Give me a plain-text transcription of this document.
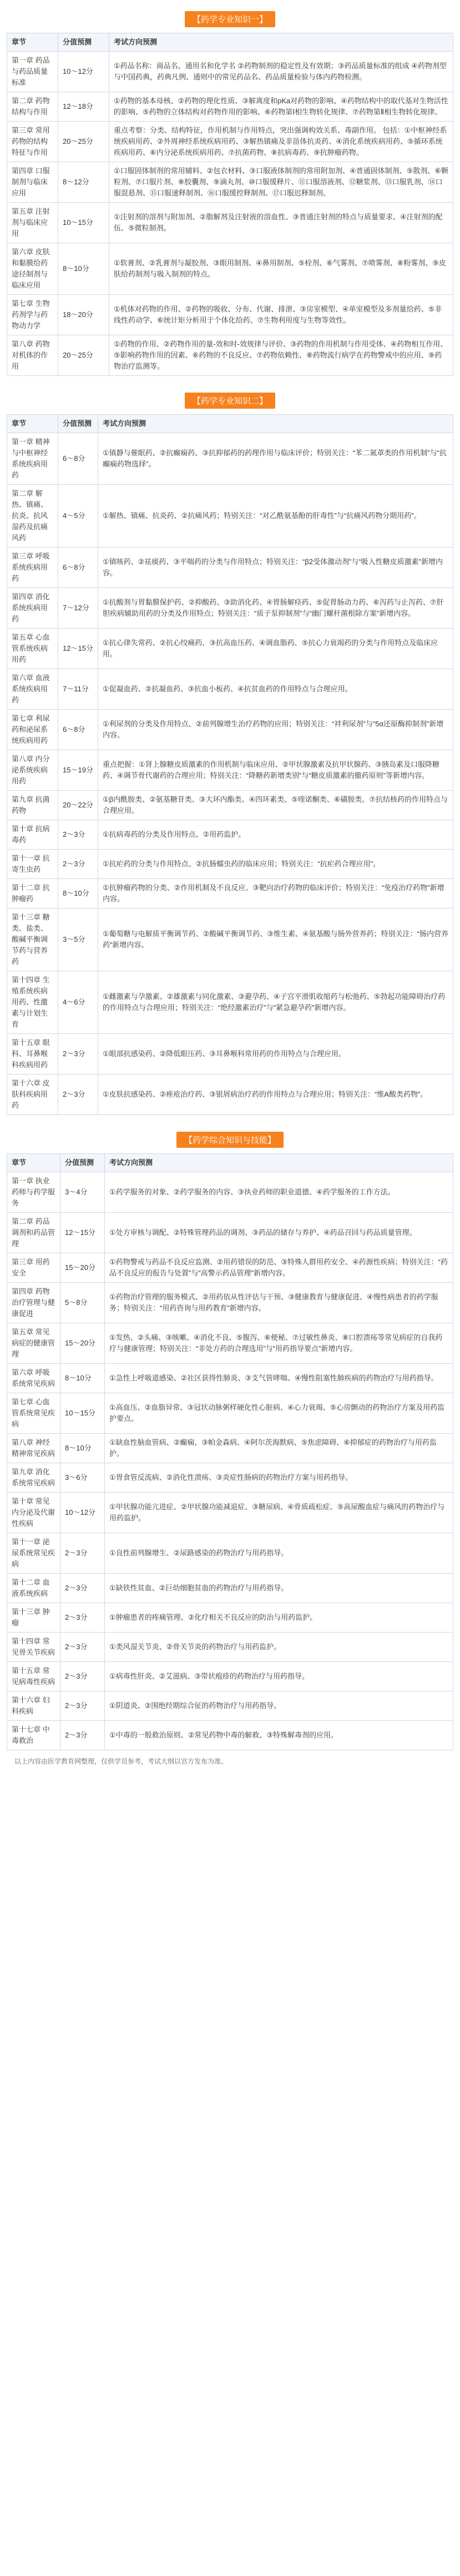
【药学专业知识一】
章节	分值预测	考试方向预测
第一章 药品与药品质量标准	10～12分	①药品名称：商品名、通用名和化学名 ②药物制剂的稳定性及有效期；③药品质量标准的组成 ④药物剂型与中国药典，药典凡例、通则中的常见药品名、药品质量检验与体内药物检测。
第二章 药物结构与作用	12～18分	①药物的基本母核、②药物的理化性质、③解离度和pKa对药物的影响、④药物结构中的取代基对生物活性的影响、⑤药物的立体结构对药物作用的影响、⑥药物第Ⅰ相生物转化规律、⑦药物第Ⅱ相生物转化规律。
第三章 常用药物的结构特征与作用	20～25分	重点考察：分类、结构特征，作用机制与作用特点，突出强调构效关系、毒副作用。 包括：①中枢神经系统疾病用药、②外周神经系统疾病用药、③解热镇痛及非甾体抗炎药、④消化系统疾病用药、⑤循环系统疾病用药、⑥内分泌系统疾病用药、⑦抗菌药物、⑧抗病毒药、⑨抗肿瘤药物。
第四章 口服制剂与临床应用	8～12分	①口服固体制剂的常用辅料、②包衣材料、③口服液体制剂的常用附加剂、④普通固体制剂、⑤散剂、⑥颗粒剂、⑦口服片剂、⑧胶囊剂、⑨滴丸剂、⑩口服缓释片、⑪口服溶液剂、⑫糖浆剂、⑬口服乳剂、⑭口服混悬剂、⑮口服速释制剂、⑯口服缓控释制剂、⑰口服迟释制剂。
第五章 注射剂与临床应用	10～15分	①注射剂的溶剂与附加剂、②脂解剂及注射液的溶血性、③普通注射剂的特点与质量要求、④注射剂的配伍、⑤微粒制剂。
第六章 皮肤和黏膜给药途径制剂与临床应用	8～10分	①软膏剂、②乳膏剂与凝胶剂、③眼用制剂、④鼻用制剂、⑤栓剂、⑥气雾剂、⑦喷雾剂、⑧粉雾剂、⑨皮肤给药制剂与吸入制剂的特点。
第七章 生物药剂学与药物动力学	18～20分	①机体对药物的作用、②药物的吸收、分布、代谢、排泄、③房室模型、④单室模型及多剂量给药、⑤非线性药动学、⑥统计矩分析用于个体化给药、⑦生物利用度与生物等效性。
第八章 药物对机体的作用	20～25分	①药物的作用、②药物作用的量-效和时-效规律与评价、③药物的作用机制与作用受体、④药物相互作用、⑤影响药物作用的因素、⑥药物的不良反应、⑦药物依赖性、⑧药物流行病学在药物警戒中的应用、⑨药物治疗监测等。
【药学专业知识二】
章节	分值预测	考试方向预测
第一章 精神与中枢神经系统疾病用药	6～8分	①镇静与催眠药、②抗癫痫药、③抗抑郁药的药理作用与临床评价；特别关注：“苯二氮䓬类的作用机制”与“抗癫痫药物选择”。
第二章 解热、镇痛、抗炎、抗风湿药及抗痛风药	4～5分	①解热、镇痛、抗炎药、②抗痛风药；特别关注：“对乙酰氨基酚的肝毒性”与“抗痛风药物分期用药”。
第三章 呼吸系统疾病用药	6～8分	①镇咳药、②祛痰药、③平喘药的分类与作用特点；特别关注：“β2受体激动剂”与“吸入性糖皮质激素”新增内容。
第四章 消化系统疾病用药	7～12分	①抗酸剂与胃黏膜保护药、②抑酸药、③助消化药、④胃肠解痉药、⑤促胃肠动力药、⑥泻药与止泻药、⑦肝胆疾病辅助用药的分类及作用特点；特别关注：“质子泵抑制剂”与“幽门螺杆菌根除方案”新增内容。
第五章 心血管系统疾病用药	12～15分	①抗心律失常药、②抗心绞痛药、③抗高血压药、④调血脂药、⑤抗心力衰竭药的分类与作用特点及临床应用。
第六章 血液系统疾病用药	7～11分	①促凝血药、②抗凝血药、③抗血小板药、④抗贫血药的作用特点与合理应用。
第七章 利尿药和泌尿系统疾病用药	6～8分	①利尿剂的分类及作用特点、②前列腺增生治疗药物的应用；特别关注：“袢利尿剂”与“5α还原酶抑制剂”新增内容。
第八章 内分泌系统疾病用药	15～19分	重点把握：①肾上腺糖皮质激素的作用机制与临床应用、②甲状腺激素及抗甲状腺药、③胰岛素及口服降糖药、④调节骨代谢药的合理应用；特别关注：“降糖药新增类别”与“糖皮质激素的撤药原则”等新增内容。
第九章 抗菌药物	20～22分	①β内酰胺类、②氨基糖苷类、③大环内酯类、④四环素类、⑤喹诺酮类、⑥磺胺类、⑦抗结核药的作用特点与合理应用。
第十章 抗病毒药	2～3分	①抗病毒药的分类及作用特点、②用药监护。
第十一章 抗寄生虫药	2～3分	①抗疟药的分类与作用特点、②抗肠蠕虫药的临床应用；特别关注：“抗疟药合理应用”。
第十二章 抗肿瘤药	8～10分	①抗肿瘤药物的分类、②作用机制及不良反应、③靶向治疗药物的临床评价；特别关注：“免疫治疗药物”新增内容。
第十三章 糖类、盐类、酸碱平衡调节药与营养药	3～5分	①葡萄糖与电解质平衡调节药、②酸碱平衡调节药、③维生素、④氨基酸与肠外营养药；特别关注：“肠内营养药”新增内容。
第十四章 生殖系统疾病用药、性激素与计划生育	4～6分	①雌激素与孕激素、②雄激素与同化激素、③避孕药、④子宫平滑肌收缩药与松弛药、⑤勃起功能障碍治疗药的作用特点与合理应用；特别关注：“绝经激素治疗”与“紧急避孕药”新增内容。
第十五章 眼科、耳鼻喉科疾病用药	2～3分	①眼部抗感染药、②降低眼压药、③耳鼻喉科常用药的作用特点与合理应用。
第十六章 皮肤科疾病用药	2～3分	①皮肤抗感染药、②痤疮治疗药、③银屑病治疗药的作用特点与合理应用；特别关注：“维A酸类药物”。
【药学综合知识与技能】
章节	分值预测	考试方向预测
第一章 执业药师与药学服务	3～4分	①药学服务的对象、②药学服务的内容、③执业药师的职业道德、④药学服务的工作方法。
第二章 药品调剂和药品管理	12～15分	①处方审核与调配、②特殊管理药品的调剂、③药品的储存与养护、④药品召回与药品质量管理。
第三章 用药安全	15～20分	①药物警戒与药品不良反应监测、②用药错误的防范、③特殊人群用药安全、④药源性疾病；特别关注：“药品不良反应的报告与处置”与“高警示药品管理”新增内容。
第四章 药物治疗管理与健康促进	5～8分	①药物治疗管理的服务模式、②用药依从性评估与干预、③健康教育与健康促进、④慢性病患者的药学服务；特别关注：“用药咨询与用药教育”新增内容。
第五章 常见病症的健康管理	15～20分	①发热、②头痛、③咳嗽、④消化不良、⑤腹泻、⑥便秘、⑦过敏性鼻炎、⑧口腔溃疡等常见病症的自我药疗与健康管理；特别关注：“非处方药的合理选用”与“用药指导要点”新增内容。
第六章 呼吸系统常见疾病	8～10分	①急性上呼吸道感染、②社区获得性肺炎、③支气管哮喘、④慢性阻塞性肺疾病的药物治疗与用药指导。
第七章 心血管系统常见疾病	10～15分	①高血压、②血脂异常、③冠状动脉粥样硬化性心脏病、④心力衰竭、⑤心房颤动的药物治疗方案及用药监护要点。
第八章 神经精神常见疾病	8～10分	①缺血性脑血管病、②癫痫、③帕金森病、④阿尔茨海默病、⑤焦虑障碍、⑥抑郁症的药物治疗与用药监护。
第九章 消化系统常见疾病	3～6分	①胃食管反流病、②消化性溃疡、③炎症性肠病的药物治疗方案与用药指导。
第十章 常见内分泌及代谢性疾病	10～12分	①甲状腺功能亢进症、②甲状腺功能减退症、③糖尿病、④骨质疏松症、⑤高尿酸血症与痛风的药物治疗与用药监护。
第十一章 泌尿系统常见疾病	2～3分	①良性前列腺增生、②尿路感染的药物治疗与用药指导。
第十二章 血液系统疾病	2～3分	①缺铁性贫血、②巨幼细胞贫血的药物治疗与用药指导。
第十三章 肿瘤	2～3分	①肿瘤患者的疼痛管理、②化疗相关不良反应的防治与用药监护。
第十四章 常见骨关节疾病	2～3分	①类风湿关节炎、②骨关节炎的药物治疗与用药监护。
第十五章 常见病毒性疾病	2～3分	①病毒性肝炎、②艾滋病、③带状疱疹的药物治疗与用药指导。
第十六章 妇科疾病	2～3分	①阴道炎、②围绝经期综合征的药物治疗与用药指导。
第十七章 中毒救治	2～3分	①中毒的一般救治原则、②常见药物中毒的解救、③特殊解毒剂的应用。
以上内容由医学教育网整理，仅供学员参考，考试大纲以官方发布为准。
